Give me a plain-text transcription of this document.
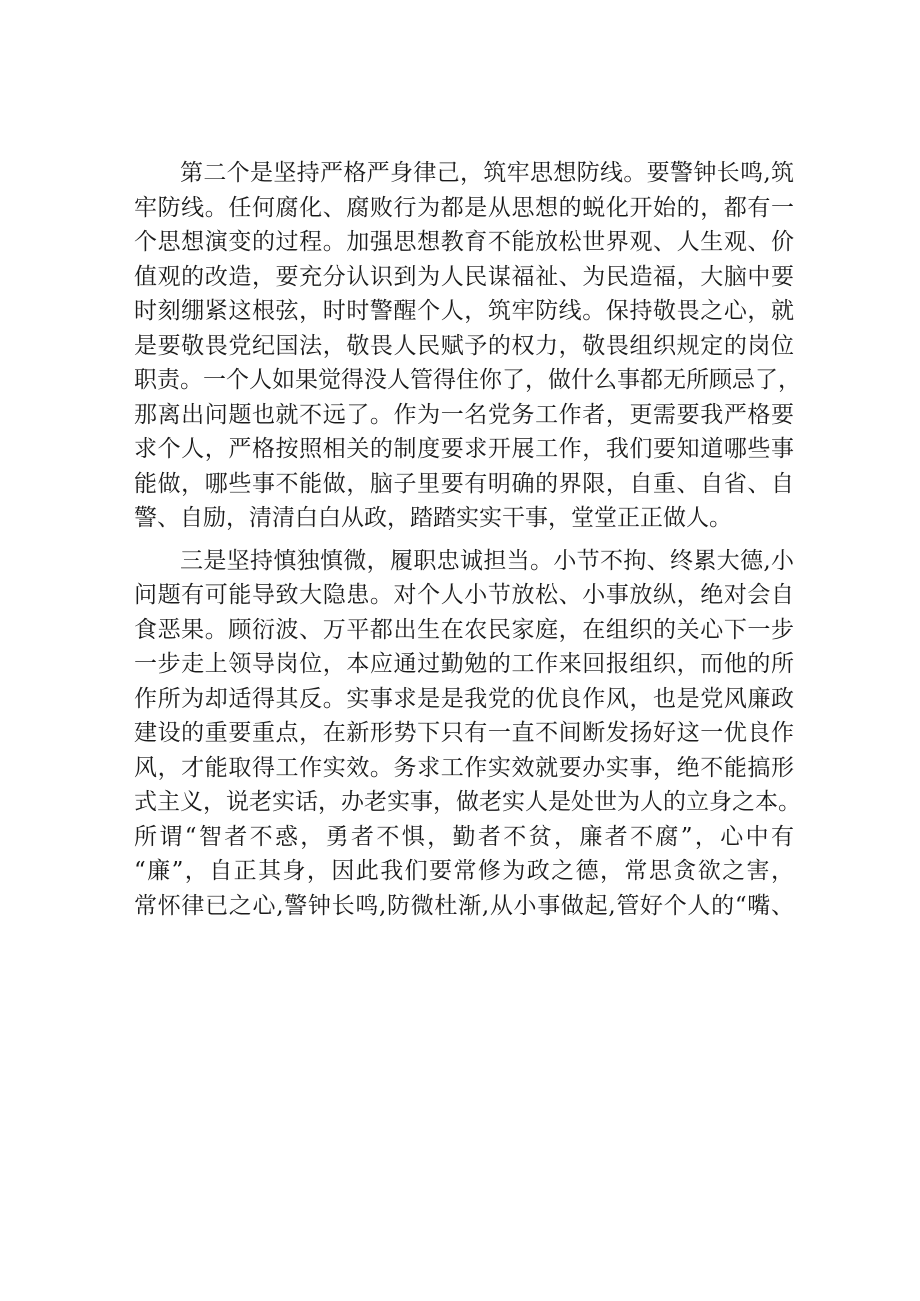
第二个是坚持严格严身律己，筑牢思想防线。要警钟长鸣,筑
牢防线。任何腐化、腐败行为都是从思想的蜕化开始的，都有一
个思想演变的过程。加强思想教育不能放松世界观、人生观、价
值观的改造，要充分认识到为人民谋福祉、为民造福，大脑中要
时刻绷紧这根弦，时时警醒个人，筑牢防线。保持敬畏之心，就
是要敬畏党纪国法，敬畏人民赋予的权力，敬畏组织规定的岗位
职责。一个人如果觉得没人管得住你了，做什么事都无所顾忌了，
那离出问题也就不远了。作为一名党务工作者，更需要我严格要
求个人，严格按照相关的制度要求开展工作，我们要知道哪些事
能做，哪些事不能做，脑子里要有明确的界限，自重、自省、自
警、自励，清清白白从政，踏踏实实干事，堂堂正正做人。
三是坚持慎独慎微，履职忠诚担当。小节不拘、终累大德,小
问题有可能导致大隐患。对个人小节放松、小事放纵，绝对会自
食恶果。顾衍波、万平都出生在农民家庭，在组织的关心下一步
一步走上领导岗位，本应通过勤勉的工作来回报组织，而他的所
作所为却适得其反。实事求是是我党的优良作风，也是党风廉政
建设的重要重点，在新形势下只有一直不间断发扬好这一优良作
风，才能取得工作实效。务求工作实效就要办实事，绝不能搞形
式主义，说老实话，办老实事，做老实人是处世为人的立身之本。
所谓“智者不惑，勇者不惧，勤者不贫，廉者不腐”，心中有
“廉”，自正其身，因此我们要常修为政之德，常思贪欲之害，
常怀律已之心,警钟长鸣,防微杜渐,从小事做起,管好个人的“嘴、
